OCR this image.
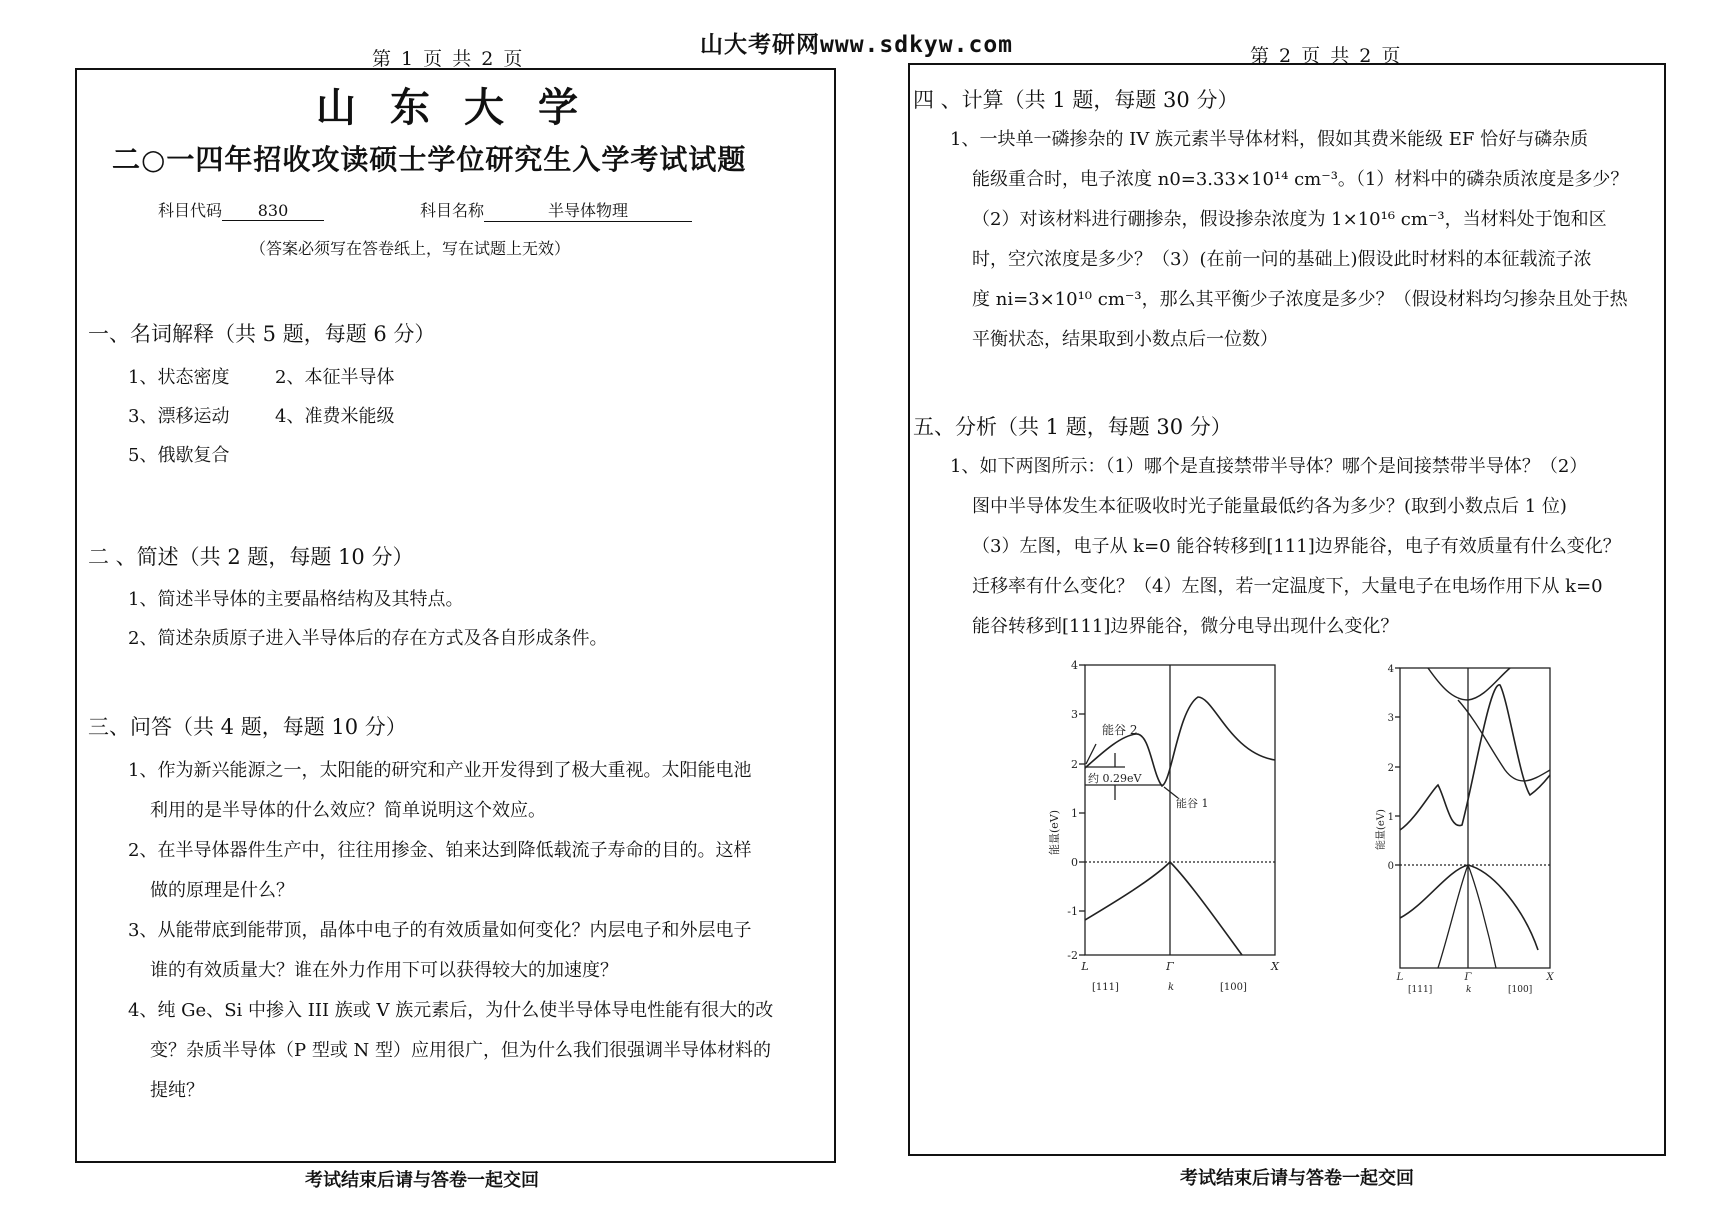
第 1 页 共 2 页
山大考研网www.sdkyw.com	第 2 页 共 2 页
山东大学
二○一四年招收攻读硕士学位研究生入学考试试题
科目代码 830	科目名称	半导体物理
（答案必须写在答卷纸上，写在试题上无效）
一、名词解释（共 5 题，每题 6 分）
1、状态密度	2、本征半导体
3、漂移运动	4、准费米能级
5、俄歇复合
二 、简述（共 2 题，每题 10 分）
1、简述半导体的主要晶格结构及其特点。
2、简述杂质原子进入半导体后的存在方式及各自形成条件。
三、问答（共 4 题，每题 10 分）
1、作为新兴能源之一，太阳能的研究和产业开发得到了极大重视。太阳能电池
利用的是半导体的什么效应？简单说明这个效应。
2、在半导体器件生产中，往往用掺金、铂来达到降低载流子寿命的目的。这样
做的原理是什么？
3、从能带底到能带顶，晶体中电子的有效质量如何变化？内层电子和外层电子
谁的有效质量大？谁在外力作用下可以获得较大的加速度？
4、纯 Ge、Si 中掺入 III 族或 V 族元素后，为什么使半导体导电性能有很大的改
变？杂质半导体（P 型或 N 型）应用很广，但为什么我们很强调半导体材料的
提纯？
考试结束后请与答卷一起交回
四 、计算（共 1 题，每题 30 分）
1、一块单一磷掺杂的 IV 族元素半导体材料，假如其费米能级 EF 恰好与磷杂质
能级重合时，电子浓度 n0=3.33×10¹⁴ cm⁻³。（1）材料中的磷杂质浓度是多少？
（2）对该材料进行硼掺杂，假设掺杂浓度为 1×10¹⁶ cm⁻³，当材料处于饱和区
时，空穴浓度是多少？（3）(在前一问的基础上)假设此时材料的本征载流子浓
度 ni=3×10¹⁰ cm⁻³，那么其平衡少子浓度是多少？（假设材料均匀掺杂且处于热
平衡状态，结果取到小数点后一位数）
五、分析（共 1 题，每题 30 分）
1、如下两图所示：（1）哪个是直接禁带半导体？哪个是间接禁带半导体？（2）
图中半导体发生本征吸收时光子能量最低约各为多少？(取到小数点后 1 位)
（3）左图，电子从 k=0 能谷转移到[111]边界能谷，电子有效质量有什么变化？
迁移率有什么变化？（4）左图，若一定温度下，大量电子在电场作用下从 k=0
能谷转移到[111]边界能谷，微分电导出现什么变化？
4
3
2
1
0
-1
-2
L	Γ	X
[111]	k	[100]
能谷 2
能谷 1
约 0.29eV
能量(eV)
4
3
2
1
0
L	Γ	X
[111]	k	[100]
能量(eV)
考试结束后请与答卷一起交回
